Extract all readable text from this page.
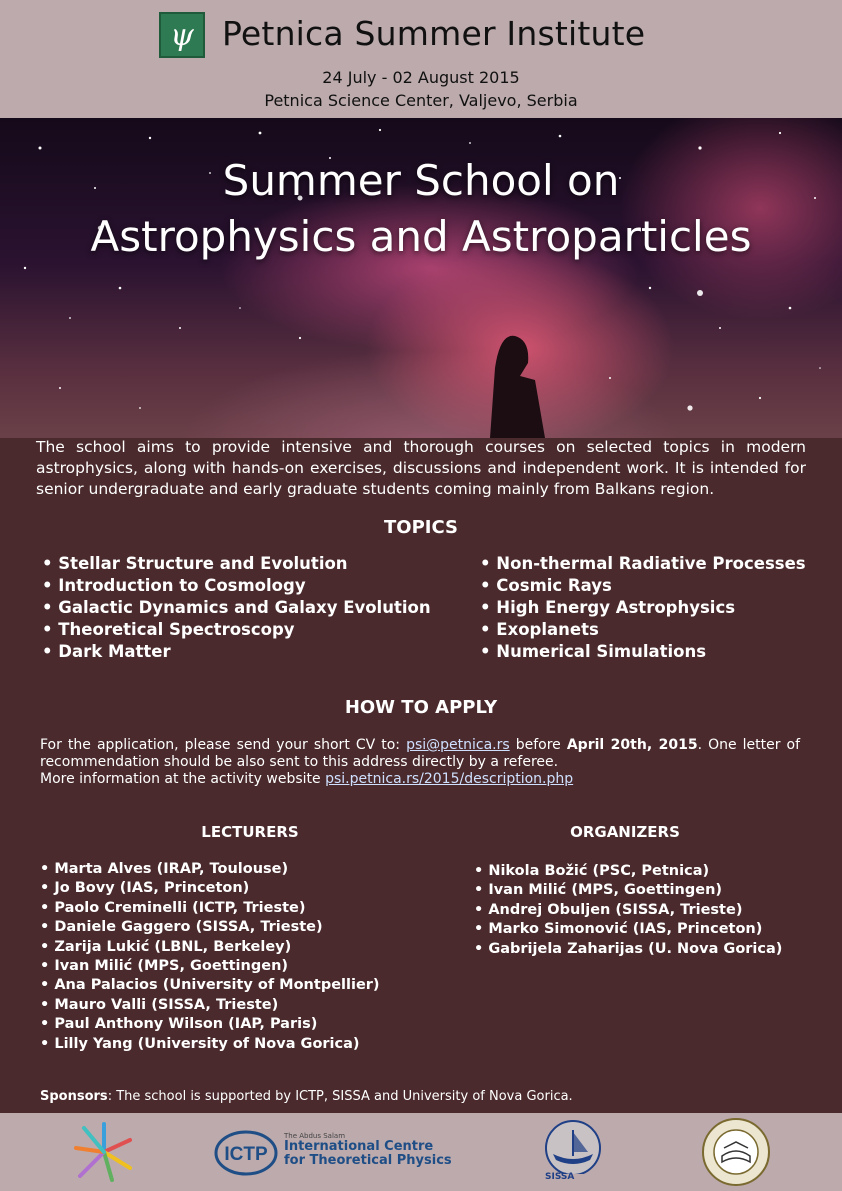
ψ Petnica Summer Institute
24 July - 02 August 2015
Petnica Science Center, Valjevo, Serbia
Summer School on
Astrophysics and Astroparticles
The school aims to provide intensive and thorough courses on selected topics in modern astrophysics, along with hands-on exercises, discussions and independent work. It is intended for senior undergraduate and early graduate students coming mainly from Balkans region.
TOPICS
• Stellar Structure and Evolution
• Introduction to Cosmology
• Galactic Dynamics and Galaxy Evolution
• Theoretical Spectroscopy
• Dark Matter
• Non-thermal Radiative Processes
• Cosmic Rays
• High Energy Astrophysics
• Exoplanets
• Numerical Simulations
HOW TO APPLY
For the application, please send your short CV to: psi@petnica.rs before April 20th, 2015. One letter of recommendation should be also sent to this address directly by a referee.
More information at the activity website psi.petnica.rs/2015/description.php
LECTURERS	ORGANIZERS
• Marta Alves (IRAP, Toulouse)
• Jo Bovy (IAS, Princeton)
• Paolo Creminelli (ICTP, Trieste)
• Daniele Gaggero (SISSA, Trieste)
• Zarija Lukić (LBNL, Berkeley)
• Ivan Milić (MPS, Goettingen)
• Ana Palacios (University of Montpellier)
• Mauro Valli (SISSA, Trieste)
• Paul Anthony Wilson (IAP, Paris)
• Lilly Yang (University of Nova Gorica)
• Nikola Božić (PSC, Petnica)
• Ivan Milić (MPS, Goettingen)
• Andrej Obuljen (SISSA, Trieste)
• Marko Simonović (IAS, Princeton)
• Gabrijela Zaharijas (U. Nova Gorica)
Sponsors: The school is supported by ICTP, SISSA and University of Nova Gorica.
ICTP
The Abdus Salam
International Centre
for Theoretical Physics
SISSA
